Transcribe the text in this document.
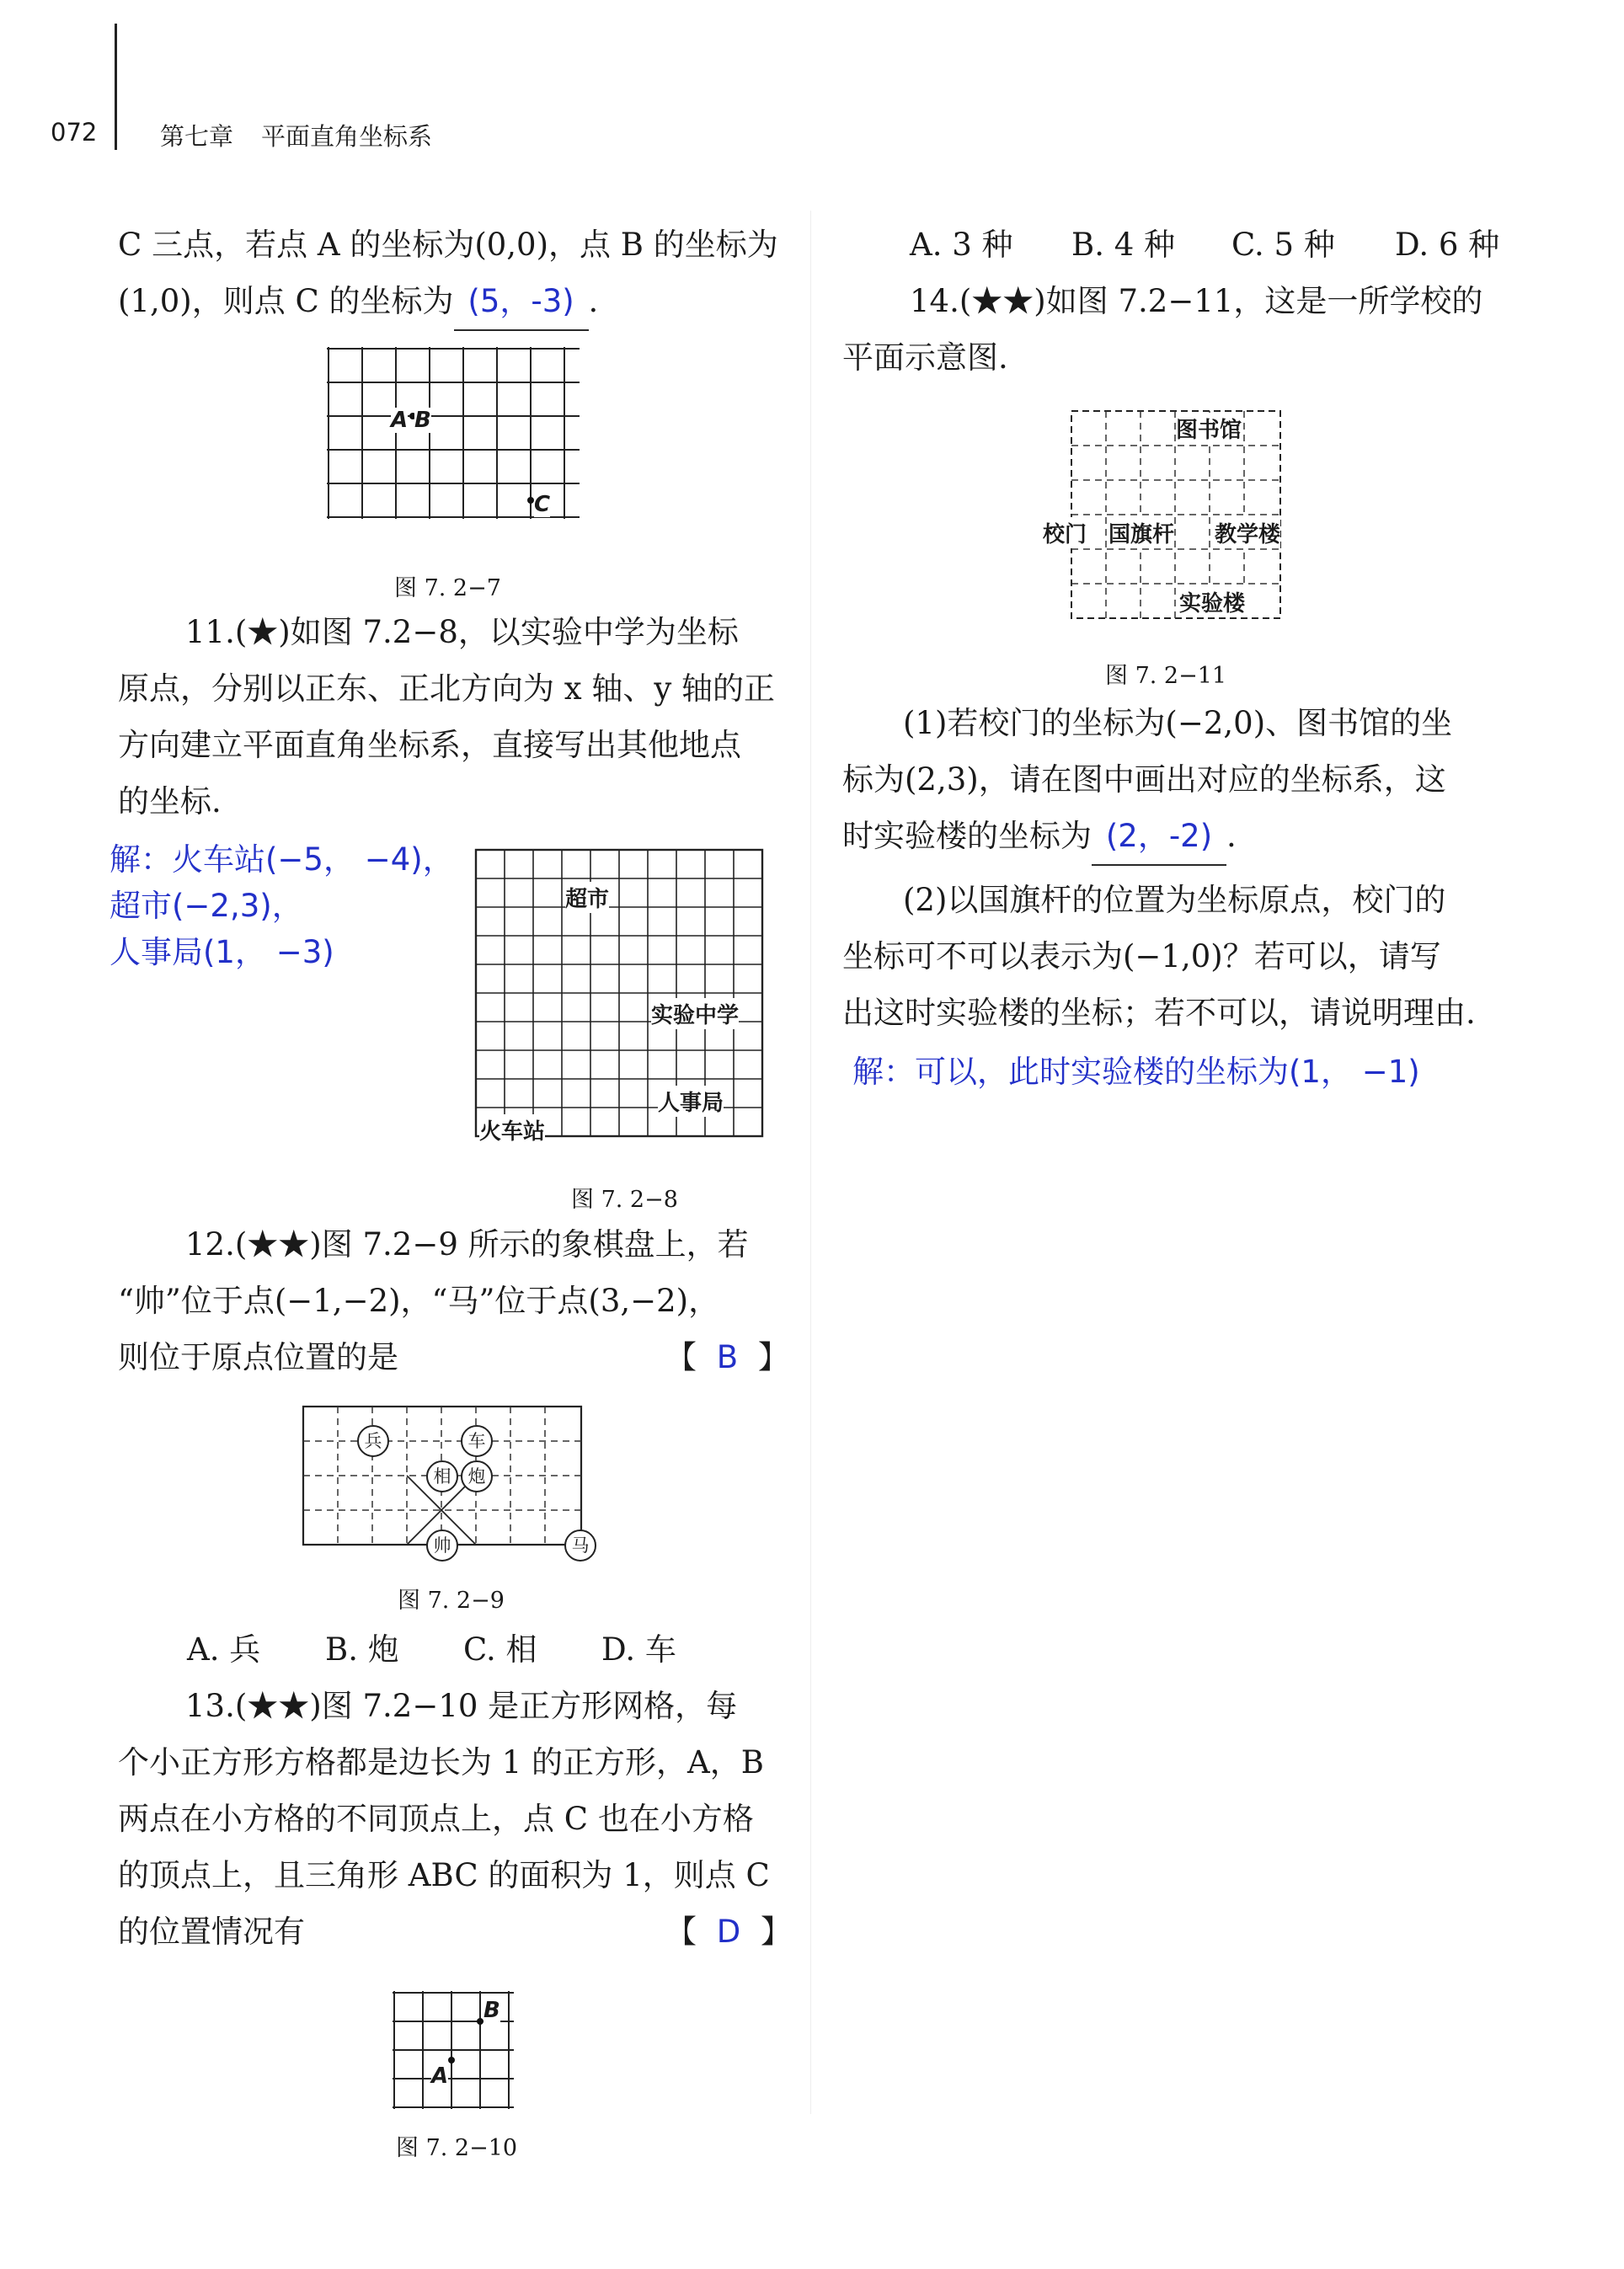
072	第七章 平面直角坐标系
C 三点，若点 A 的坐标为(0,0)，点 B 的坐标为
(1,0)，则点 C 的坐标为 (5，-3) .
A B
C
图 7. 2−7
11.(★)如图 7.2−8，以实验中学为坐标
原点，分别以正东、正北方向为 x 轴、y 轴的正
方向建立平面直角坐标系，直接写出其他地点
的坐标.
解：火车站(−5， −4)，
超市(−2,3)，
人事局(1， −3)
超市
实验中学
人事局
火车站
图 7. 2−8
12.(★★)图 7.2−9 所示的象棋盘上，若
“帅”位于点(−1,−2)，“马”位于点(3,−2)，
则位于原点位置的是	【 B 】
兵	车
相 炮
帅	马
图 7. 2−9
A. 兵 B. 炮 C. 相 D. 车
13.(★★)图 7.2−10 是正方形网格，每
个小正方形方格都是边长为 1 的正方形，A，B
两点在小方格的不同顶点上，点 C 也在小方格
的顶点上，且三角形 ABC 的面积为 1，则点 C
的位置情况有	【 D 】
A
B
图 7. 2−10
A. 3 种 B. 4 种 C. 5 种 D. 6 种
14.(★★)如图 7.2−11，这是一所学校的
平面示意图.
图书馆
校门 国旗杆 教学楼
实验楼
图 7. 2−11
(1)若校门的坐标为(−2,0)、图书馆的坐
标为(2,3)，请在图中画出对应的坐标系，这
时实验楼的坐标为 (2，-2) .
(2)以国旗杆的位置为坐标原点，校门的
坐标可不可以表示为(−1,0)？若可以，请写
出这时实验楼的坐标；若不可以，请说明理由.
解：可以，此时实验楼的坐标为(1， −1)
